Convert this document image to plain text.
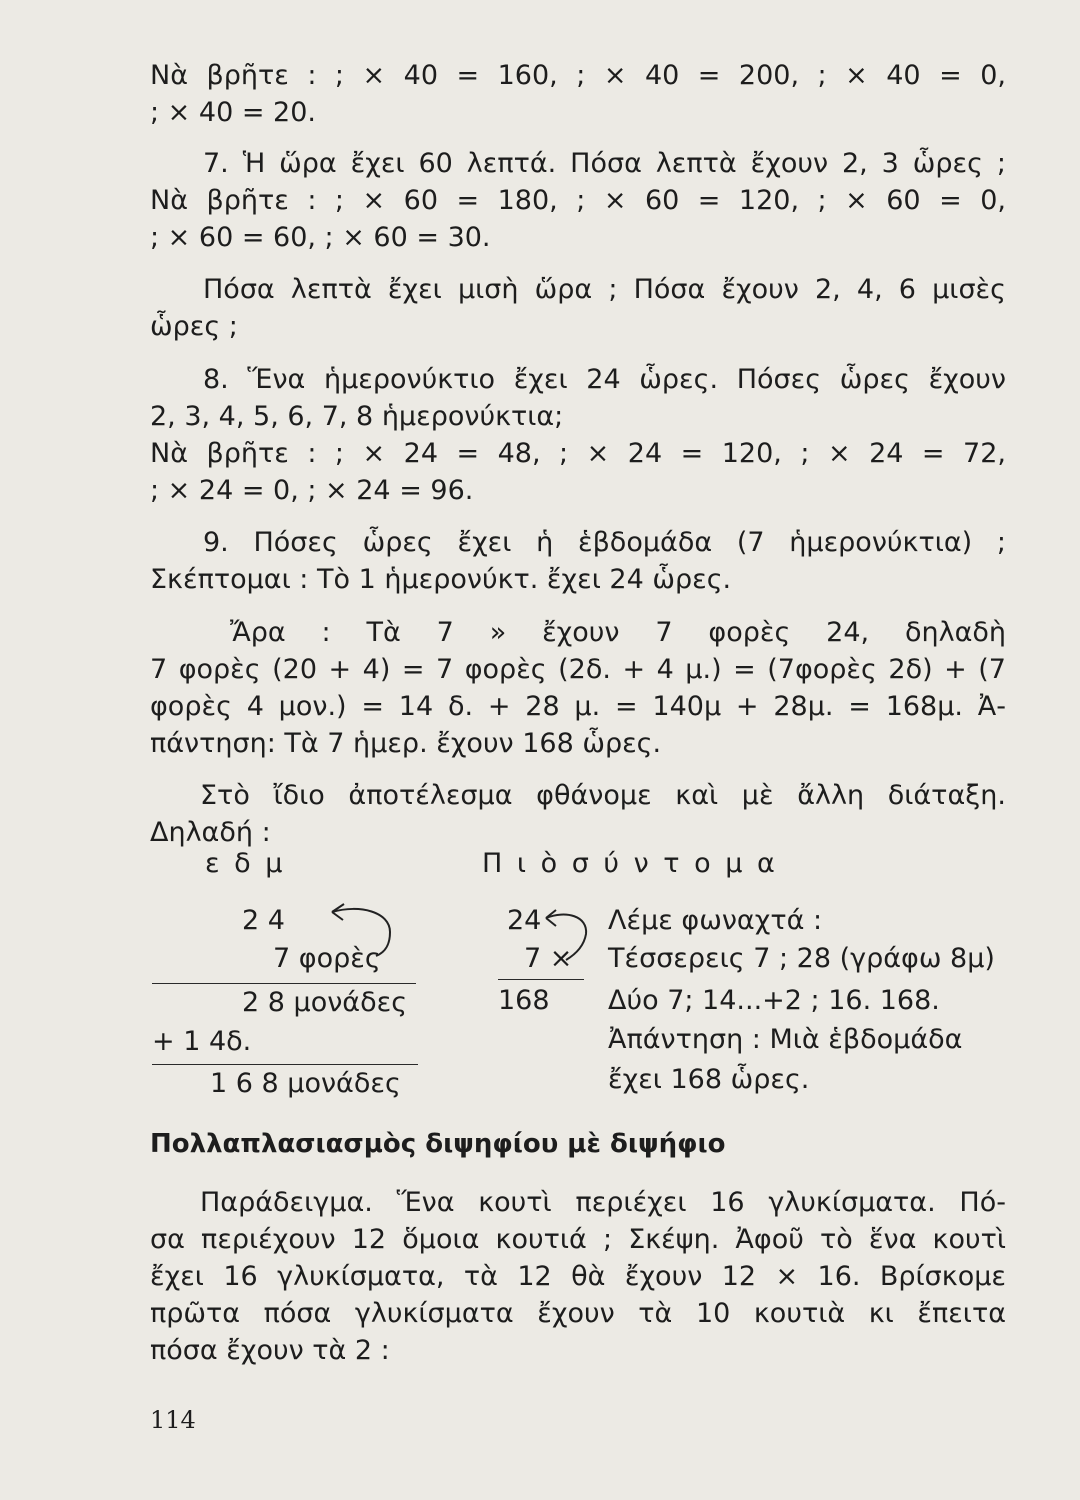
Νὰ βρῆτε : ; × 40 = 160, ; × 40 = 200, ; × 40 = 0,
; × 40 = 20.
7. Ἡ ὥρα ἔχει 60 λεπτά. Πόσα λεπτὰ ἔχουν 2, 3 ὧρες ;
Νὰ βρῆτε : ; × 60 = 180, ; × 60 = 120, ; × 60 = 0,
; × 60 = 60, ; × 60 = 30.
Πόσα λεπτὰ ἔχει μισὴ ὥρα ; Πόσα ἔχουν 2, 4, 6 μισὲς
ὧρες ;
8. Ἕνα ἡμερονύκτιο ἔχει 24 ὧρες. Πόσες ὧρες ἔχουν
2, 3, 4, 5, 6, 7, 8 ἡμερονύκτια;
Νὰ βρῆτε : ; × 24 = 48, ; × 24 = 120, ; × 24 = 72,
; × 24 = 0, ; × 24 = 96.
9. Πόσες ὧρες ἔχει ἡ ἑβδομάδα (7 ἡμερονύκτια) ;
Σκέπτομαι : Τὸ 1 ἡμερονύκτ. ἔχει 24 ὧρες.
Ἄρα : Τὰ 7 » ἔχουν 7 φορὲς 24, δηλαδὴ
7 φορὲς (20 + 4) = 7 φορὲς (2δ. + 4 μ.) = (7φορὲς 2δ) + (7
φορὲς 4 μον.) = 14 δ. + 28 μ. = 140μ + 28μ. = 168μ. Ἀ-
πάντηση: Τὰ 7 ἡμερ. ἔχουν 168 ὧρες.
Στὸ ἴδιο ἀποτέλεσμα φθάνομε καὶ μὲ ἄλλη διάταξη.
Δηλαδή :
ε δ μ
2 4
7 φορὲς
2 8 μονάδες
+ 1 4δ.
1 6 8 μονάδες
Π ι ὸ σ ύ ν τ ο μ α
24
7 ×
168
Λέμε φωναχτά :
Τέσσερεις 7 ; 28 (γράφω 8μ)
Δύο 7; 14...+2 ; 16. 168.
Ἀπάντηση : Μιὰ ἑβδομάδα
ἔχει 168 ὧρες.
Πολλαπλασιασμὸς διψηφίου μὲ διψήφιο
Παράδειγμα. Ἕνα κουτὶ περιέχει 16 γλυκίσματα. Πό-
σα περιέχουν 12 ὅμοια κουτιά ; Σκέψη. Ἀφοῦ τὸ ἕνα κουτὶ
ἔχει 16 γλυκίσματα, τὰ 12 θὰ ἔχουν 12 × 16. Βρίσκομε
πρῶτα πόσα γλυκίσματα ἔχουν τὰ 10 κουτιὰ κι ἔπειτα
πόσα ἔχουν τὰ 2 :
114
